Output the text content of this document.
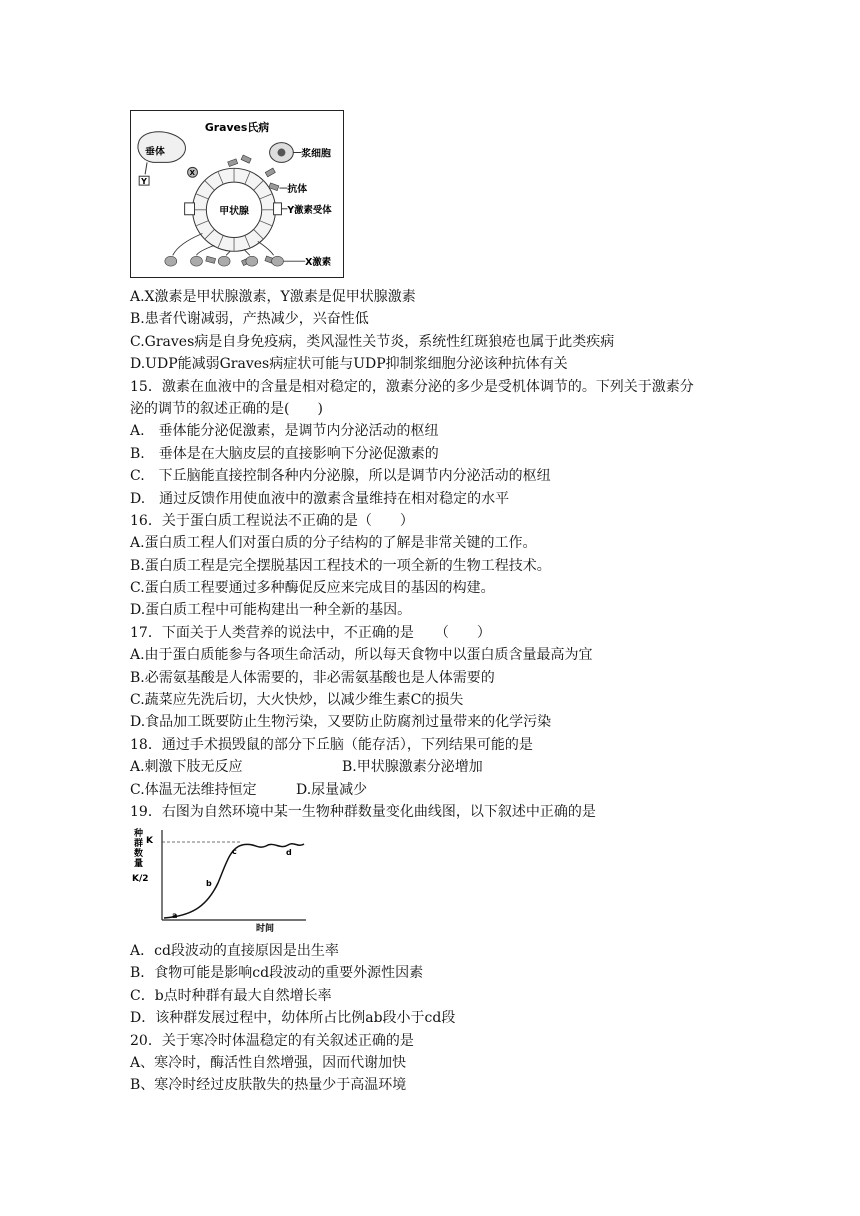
Graves氏病
垂体
Y
X
甲状腺
浆细胞
抗体
Y激素受体
X激素
A.X激素是甲状腺激素，Y激素是促甲状腺激素
B.患者代谢减弱，产热减少，兴奋性低
C.Graves病是自身免疫病，类风湿性关节炎，系统性红斑狼疮也属于此类疾病
D.UDP能减弱Graves病症状可能与UDP抑制浆细胞分泌该种抗体有关
15．激素在血液中的含量是相对稳定的，激素分泌的多少是受机体调节的。下列关于激素分
泌的调节的叙述正确的是(　　)
A.　垂体能分泌促激素，是调节内分泌活动的枢纽
B.　垂体是在大脑皮层的直接影响下分泌促激素的
C.　下丘脑能直接控制各种内分泌腺，所以是调节内分泌活动的枢纽
D.　通过反馈作用使血液中的激素含量维持在相对稳定的水平
16．关于蛋白质工程说法不正确的是（　　）
A.蛋白质工程人们对蛋白质的分子结构的了解是非常关键的工作。
B.蛋白质工程是完全摆脱基因工程技术的一项全新的生物工程技术。
C.蛋白质工程要通过多种酶促反应来完成目的基因的构建。
D.蛋白质工程中可能构建出一种全新的基因。
17．下面关于人类营养的说法中，不正确的是　　（　　）
A.由于蛋白质能参与各项生命活动，所以每天食物中以蛋白质含量最高为宜
B.必需氨基酸是人体需要的，非必需氨基酸也是人体需要的
C.蔬菜应先洗后切，大火快炒，以减少维生素C的损失
D.食品加工既要防止生物污染，又要防止防腐剂过量带来的化学污染
18．通过手术损毁鼠的部分下丘脑（能存活），下列结果可能的是
A.刺激下肢无反应	B.甲状腺激素分泌增加
C.体温无法维持恒定	D.尿量减少
19．右图为自然环境中某一生物种群数量变化曲线图，以下叙述中正确的是
种
群
数
量
K
K/2
a
b
c	d
时间
A．cd段波动的直接原因是出生率
B．食物可能是影响cd段波动的重要外源性因素
C．b点时种群有最大自然增长率
D．该种群发展过程中，幼体所占比例ab段小于cd段
20．关于寒冷时体温稳定的有关叙述正确的是
A、寒冷时，酶活性自然增强，因而代谢加快
B、寒冷时经过皮肤散失的热量少于高温环境
